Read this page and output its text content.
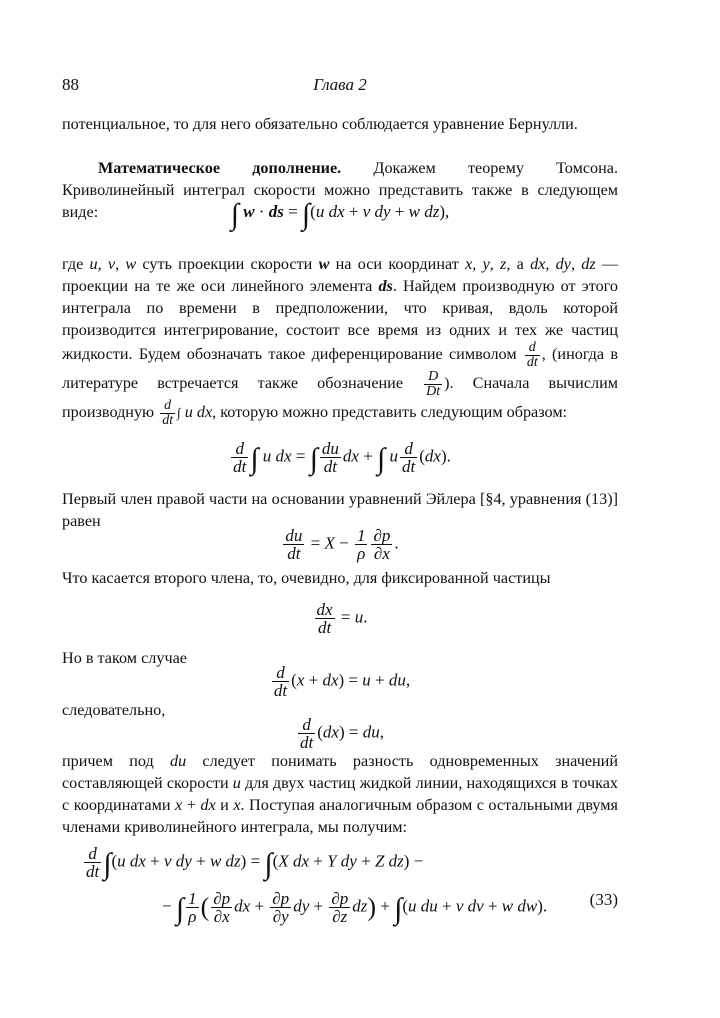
88	Глава 2
потенциальное, то для него обязательно соблюдается уравнение Бернулли.
Математическое дополнение. Докажем теорему Томсона. Криволинейный интеграл скорости можно представить также в следующем виде:	∫ w · ds = ∫(u dx + v dy + w dz),
где u, v, w суть проекции скорости w на оси координат x, y, z, а dx, dy, dz — проекции на те же оси линейного элемента ds. Найдем производную от этого интеграла по времени в предположении, что кривая, вдоль которой производится интегрирование, состоит все время из одних и тех же частиц жидкости. Будем обозначать такое диференцирование символом $\frac{d}{dt}$ , (иногда в литературе встречается также обозначение $\frac{D}{Dt}$ ). Сначала вычислим производную $\frac{d}{dt}$ ∫ u dx, которую можно представить следующим образом:
$\frac{d}{dt}$ ∫ u dx = ∫ $\frac{du}{dt}$ dx + ∫ u $\frac{d}{dt} (dx)$.
Первый член правой части на основании уравнений Эйлера [§4, уравнения (13)] равен
$\frac{du}{dt} = X - \frac{1}{\rho} \frac{\partial p}{\partial x}$ .
Что касается второго члена, то, очевидно, для фиксированной частицы
$\frac{dx}{dt} = u$.
Но в таком случае
$\frac{d}{dt} (x + dx) = u$ + du,
следовательно,
$\frac{d}{dt} (dx)$ = du,
причем под du следует понимать разность одновременных значений составляющей скорости u для двух частиц жидкой линии, находящихся в точках с координатами x + dx и x. Поступая аналогичным образом с остальными двумя членами криволинейного интеграла, мы получим:
$\frac{d}{dt} \int(u$ dx + v dy + w dz) = ∫(X dx + Y dy + Z dz) −
− ∫ $\frac{1}{\rho}$ ( $\frac{\partial p}{\partial x}$ dx + $\frac{\partial p}{\partial y}$ dy + $\frac{\partial p}{\partial z} dz) + \int(u$ du + v dv + w dw).	(33)
